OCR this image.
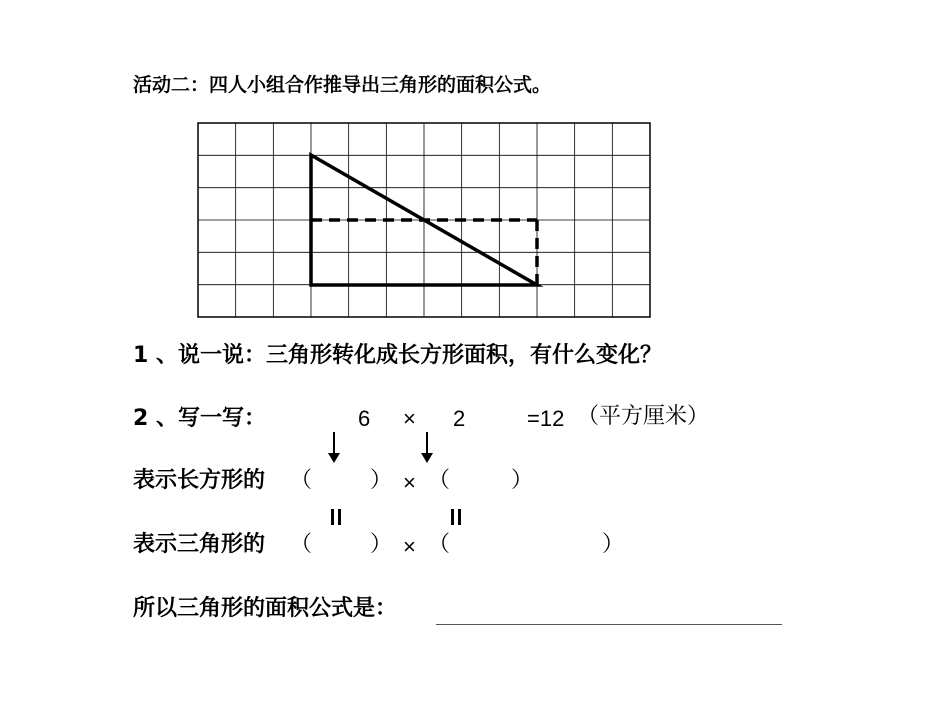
活动二：四人小组合作推导出三角形的面积公式。
1 、说一说：三角形转化成长方形面积，有什么变化？
2 、写一写：	6 × 2	=12 （平方厘米）
表示长方形的 （	） × （	）
表示三角形的 （	） × （	）
所以三角形的面积公式是：
